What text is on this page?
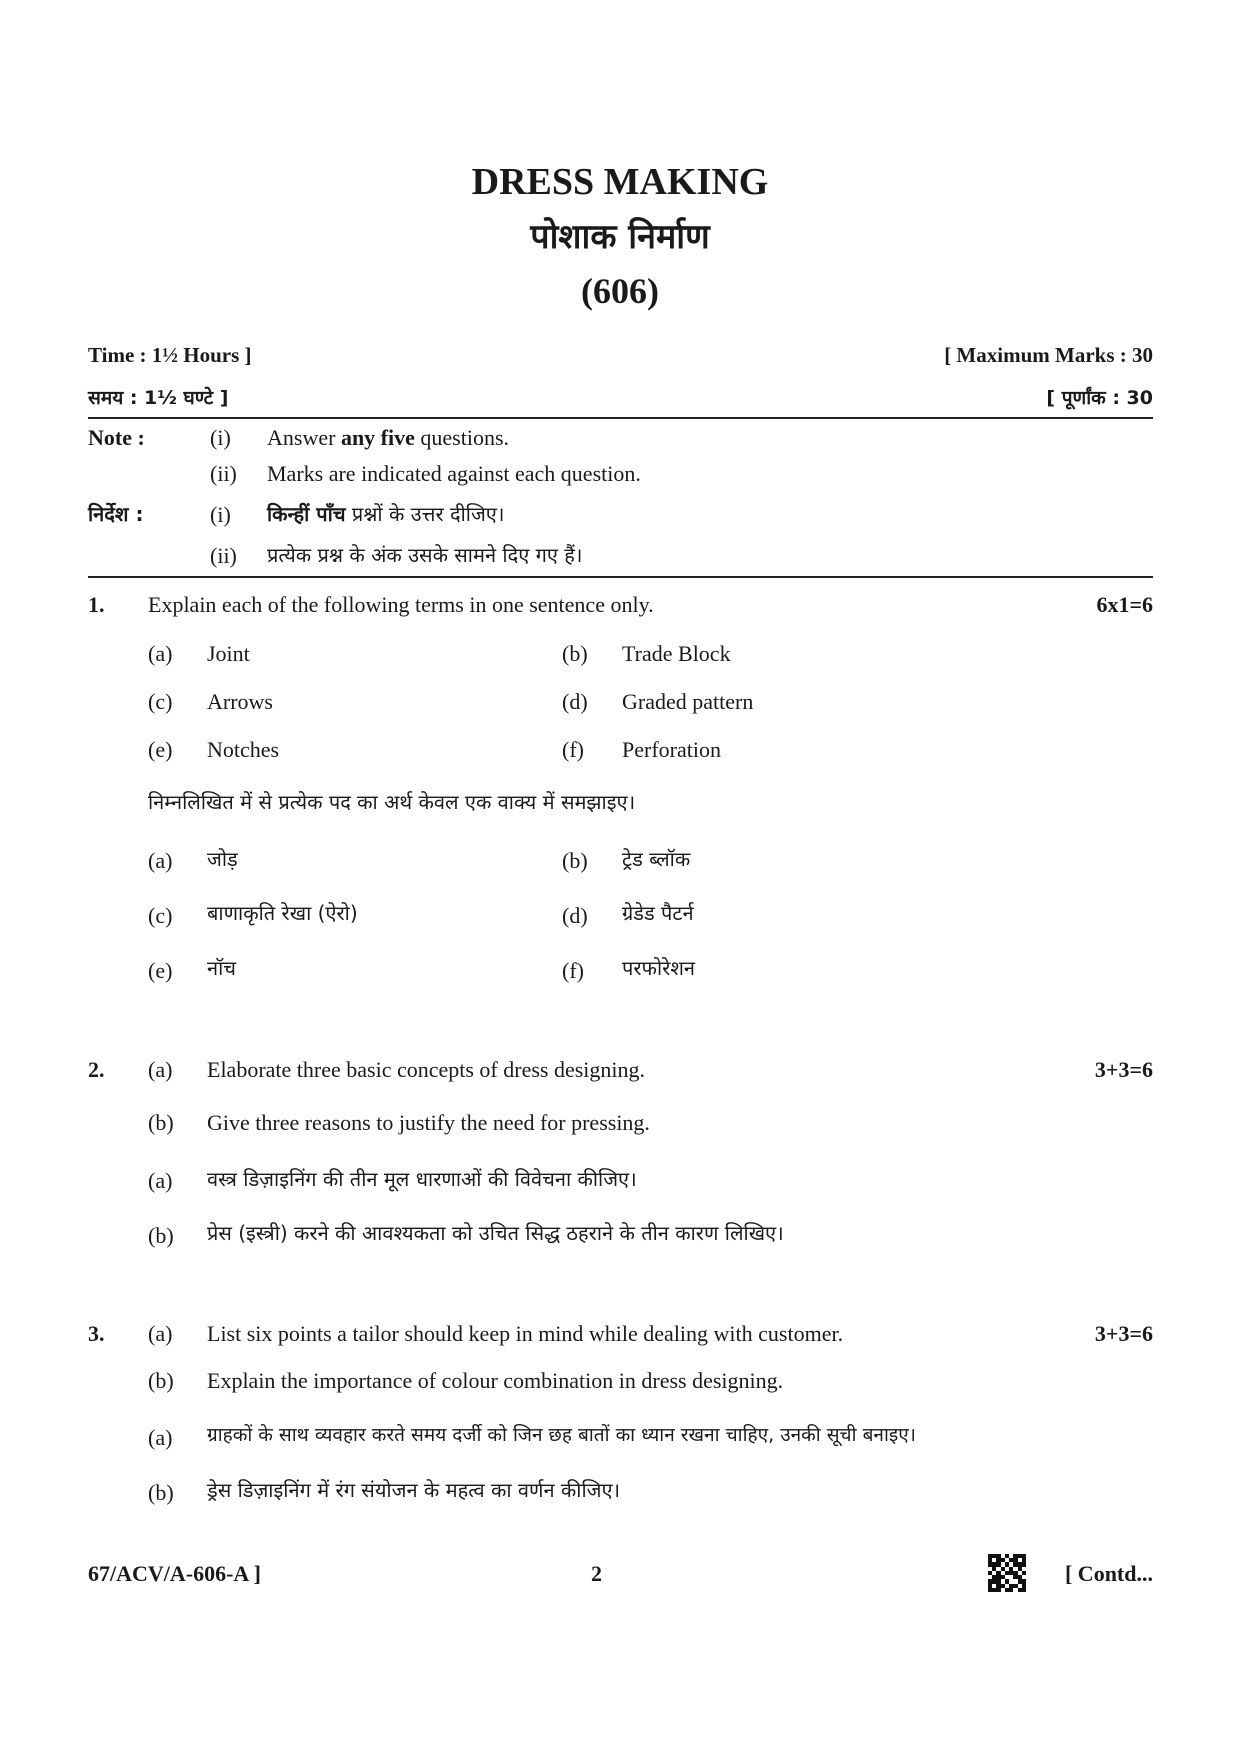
DRESS MAKING
पोशाक निर्माण
(606)
Time : 1½ Hours ]	[ Maximum Marks : 30
समय : 1½ घण्टे ]	[ पूर्णांक : 30
Note :	(i) Answer any five questions.
(ii) Marks are indicated against each question.
निर्देश :	(i) किन्हीं पाँच प्रश्नों के उत्तर दीजिए।
(ii) प्रत्येक प्रश्न के अंक उसके सामने दिए गए हैं।
1. Explain each of the following terms in one sentence only.	6x1=6
(a) Joint	(b) Trade Block
(c) Arrows	(d) Graded pattern
(e) Notches	(f) Perforation
निम्नलिखित में से प्रत्येक पद का अर्थ केवल एक वाक्य में समझाइए।
(a) जोड़	(b) ट्रेड ब्लॉक
(c) बाणाकृति रेखा (ऐरो)	(d) ग्रेडेड पैटर्न
(e) नॉच	(f) परफोरेशन
2. (a) Elaborate three basic concepts of dress designing.	3+3=6
(b) Give three reasons to justify the need for pressing.
(a) वस्त्र डिज़ाइनिंग की तीन मूल धारणाओं की विवेचना कीजिए।
(b) प्रेस (इस्त्री) करने की आवश्यकता को उचित सिद्ध ठहराने के तीन कारण लिखिए।
3. (a) List six points a tailor should keep in mind while dealing with customer.	3+3=6
(b) Explain the importance of colour combination in dress designing.
(a) ग्राहकों के साथ व्यवहार करते समय दर्जी को जिन छह बातों का ध्यान रखना चाहिए, उनकी सूची बनाइए।
(b) ड्रेस डिज़ाइनिंग में रंग संयोजन के महत्व का वर्णन कीजिए।
67/ACV/A-606-A ]	2	[ Contd...
